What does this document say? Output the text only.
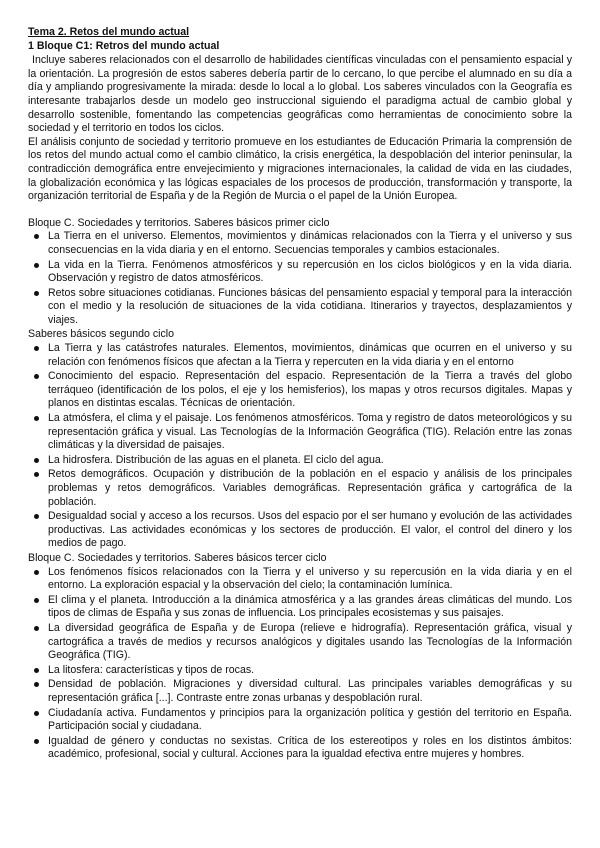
Tema 2. Retos del mundo actual

1 Bloque C1: Retros del mundo actual

Incluye saberes relacionados con el desarrollo de habilidades científicas vinculadas con el pensamiento espacial y la orientación. La progresión de estos saberes debería partir de lo cercano, lo que percibe el alumnado en su día a día y ampliando progresivamente la mirada: desde lo local a lo global. Los saberes vinculados con la Geografía es interesante trabajarlos desde un modelo geo instruccional siguiendo el paradigma actual de cambio global y desarrollo sostenible, fomentando las competencias geográficas como herramientas de conocimiento sobre la sociedad y el territorio en todos los ciclos.

El análisis conjunto de sociedad y territorio promueve en los estudiantes de Educación Primaria la comprensión de los retos del mundo actual como el cambio climático, la crisis energética, la despoblación del interior peninsular, la contradicción demográfica entre envejecimiento y migraciones internacionales, la calidad de vida en las ciudades, la globalización económica y las lógicas espaciales de los procesos de producción, transformación y transporte, la organización territorial de España y de la Región de Murcia o el papel de la Unión Europea.

Bloque C. Sociedades y territorios. Saberes básicos primer ciclo

La Tierra en el universo. Elementos, movimientos y dinámicas relacionados con la Tierra y el universo y sus consecuencias en la vida diaria y en el entorno. Secuencias temporales y cambios estacionales.
La vida en la Tierra. Fenómenos atmosféricos y su repercusión en los ciclos biológicos y en la vida diaria. Observación y registro de datos atmosféricos.
Retos sobre situaciones cotidianas. Funciones básicas del pensamiento espacial y temporal para la interacción con el medio y la resolución de situaciones de la vida cotidiana. Itinerarios y trayectos, desplazamientos y viajes.

Saberes básicos segundo ciclo

La Tierra y las catástrofes naturales. Elementos, movimientos, dinámicas que ocurren en el universo y su relación con fenómenos físicos que afectan a la Tierra y repercuten en la vida diaria y en el entorno
Conocimiento del espacio. Representación del espacio. Representación de la Tierra a través del globo terráqueo (identificación de los polos, el eje y los hemisferios), los mapas y otros recursos digitales. Mapas y planos en distintas escalas. Técnicas de orientación.
La atmósfera, el clima y el paisaje. Los fenómenos atmosféricos. Toma y registro de datos meteorológicos y su representación gráfica y visual. Las Tecnologías de la Información Geográfica (TIG). Relación entre las zonas climáticas y la diversidad de paisajes.
La hidrosfera. Distribución de las aguas en el planeta. El ciclo del agua.
Retos demográficos. Ocupación y distribución de la población en el espacio y análisis de los principales problemas y retos demográficos. Variables demográficas. Representación gráfica y cartográfica de la población.
Desigualdad social y acceso a los recursos. Usos del espacio por el ser humano y evolución de las actividades productivas. Las actividades económicas y los sectores de producción. El valor, el control del dinero y los medios de pago.

Bloque C. Sociedades y territorios. Saberes básicos tercer ciclo

Los fenómenos físicos relacionados con la Tierra y el universo y su repercusión en la vida diaria y en el entorno. La exploración espacial y la observación del cielo; la contaminación lumínica.
El clima y el planeta. Introducción a la dinámica atmosférica y a las grandes áreas climáticas del mundo. Los tipos de climas de España y sus zonas de influencia. Los principales ecosistemas y sus paisajes.
La diversidad geográfica de España y de Europa (relieve e hidrografía). Representación gráfica, visual y cartográfica a través de medios y recursos analógicos y digitales usando las Tecnologías de la Información Geográfica (TIG).
La litosfera: características y tipos de rocas.
Densidad de población. Migraciones y diversidad cultural. Las principales variables demográficas y su representación gráfica [...]. Contraste entre zonas urbanas y despoblación rural.
Ciudadanía activa. Fundamentos y principios para la organización política y gestión del territorio en España. Participación social y ciudadana.
Igualdad de género y conductas no sexistas. Crítica de los estereotipos y roles en los distintos ámbitos: académico, profesional, social y cultural. Acciones para la igualdad efectiva entre mujeres y hombres.
